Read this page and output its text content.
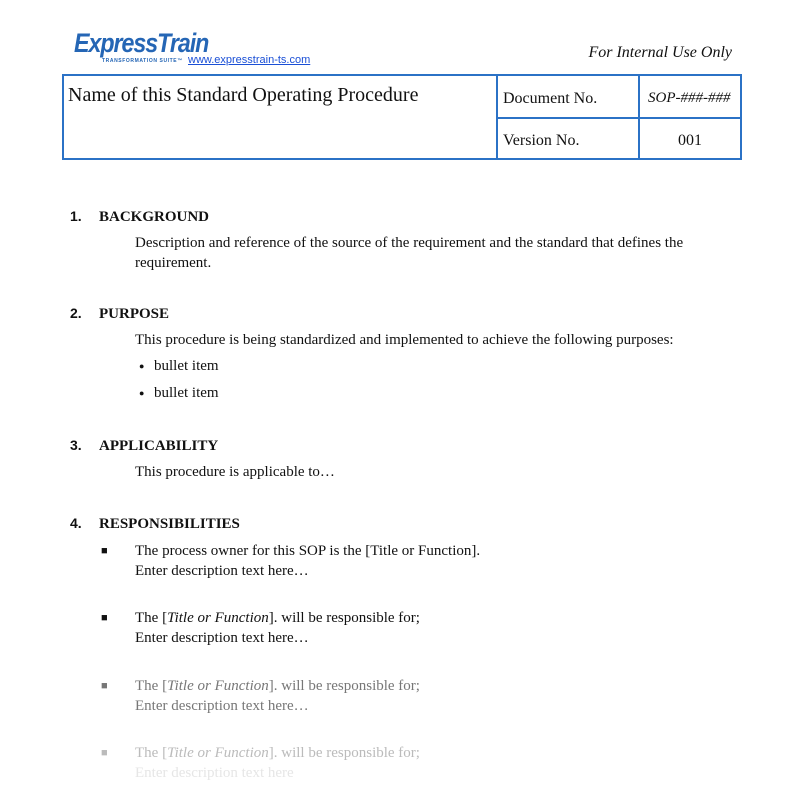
ExpressTrain
TRANSFORMATION SUITE™ www.expresstrain-ts.com	For Internal Use Only
Name of this Standard Operating Procedure	Document No.	SOP-###-###
Version No.	001
1. BACKGROUND
Description and reference of the source of the requirement and the standard that defines the
requirement.
2. PURPOSE
This procedure is being standardized and implemented to achieve the following purposes:
● bullet item
● bullet item
3. APPLICABILITY
This procedure is applicable to…
4. RESPONSIBILITIES
■ The process owner for this SOP is the [Title or Function].
Enter description text here…
■ The [Title or Function]. will be responsible for;
Enter description text here…
■ The [Title or Function]. will be responsible for;
Enter description text here…
■ The [Title or Function]. will be responsible for;
Enter description text here
